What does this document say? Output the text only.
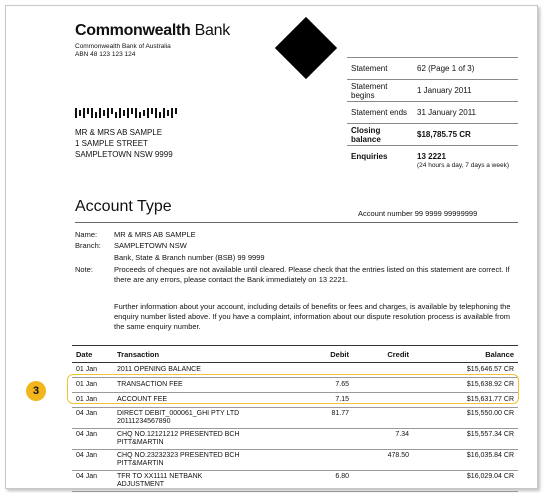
Commonwealth Bank
Commonwealth Bank of Australia
ABN 48 123 123 124
Statement	62 (Page 1 of 3)
Statement begins	1 January 2011
Statement ends	31 January 2011
Closing balance	$18,785.75 CR
Enquiries	13 2221
(24 hours a day, 7 days a week)
MR & MRS AB SAMPLE
1 SAMPLE STREET
SAMPLETOWN NSW 9999
Account Type	Account number 99 9999 99999999
Name: MR & MRS AB SAMPLE
Branch: SAMPLETOWN NSW
Bank, State & Branch number (BSB) 99 9999
Note:	Proceeds of cheques are not available until cleared. Please check that the entries listed on this statement are correct. If there are any errors, please contact the Bank immediately on 13 2221.
Further information about your account, including details of benefits or fees and charges, is available by telephoning the enquiry number listed above. If you have a complaint, information about our dispute resolution process is available from the same enquiry number.
Date	Transaction	Debit	Credit	Balance
01 Jan	2011 OPENING BALANCE			$15,646.57 CR
01 Jan	TRANSACTION FEE	7.65		$15,638.92 CR
01 Jan	ACCOUNT FEE	7.15		$15,631.77 CR
04 Jan	DIRECT DEBIT_000061_GHI PTY LTD
20111234567890	81.77		$15,550.00 CR
04 Jan	CHQ NO.12121212 PRESENTED BCH
PITT&MARTIN		7.34	$15,557.34 CR
04 Jan	CHQ NO.23232323 PRESENTED BCH
PITT&MARTIN		478.50	$16,035.84 CR
04 Jan	TFR TO XX1111 NETBANK
ADJUSTMENT	6.80		$16,029.04 CR
3
